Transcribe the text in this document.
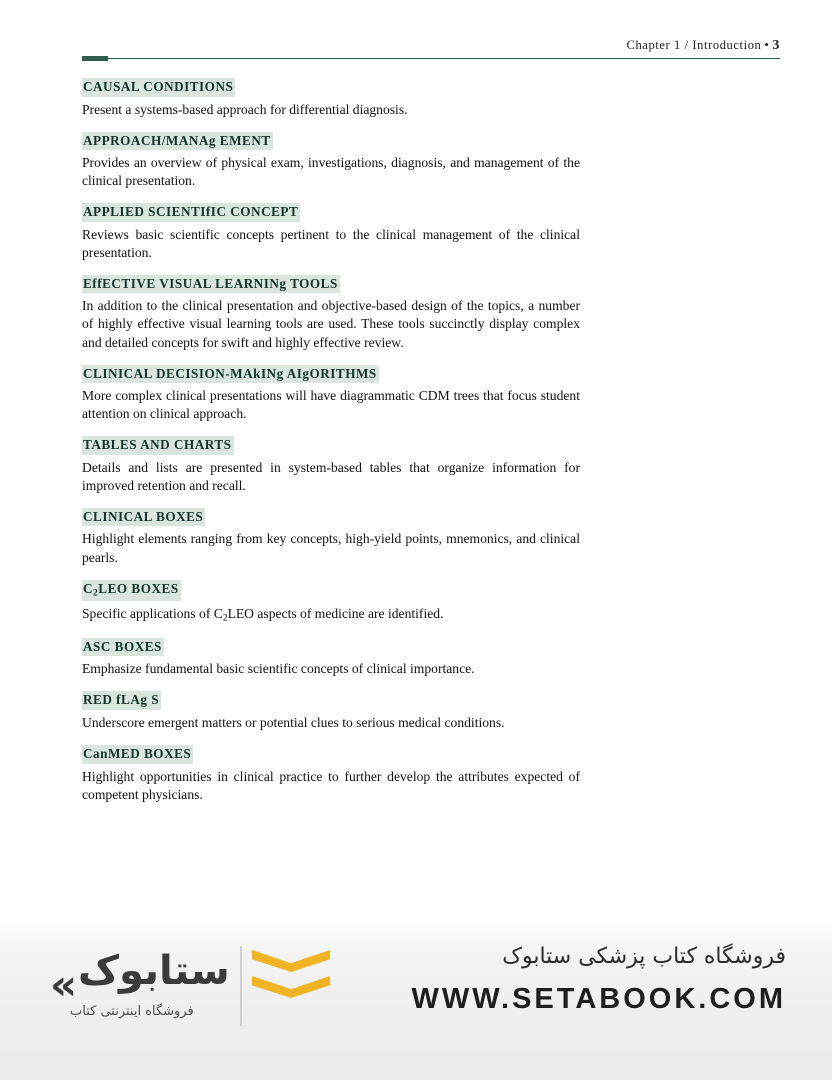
Chapter 1 / Introduction • 3
CAUSAL CONDITIONS

Present a systems-based approach for differential diagnosis.

APPROACH/MANAg EMENT

Provides an overview of physical exam, investigations, diagnosis, and management of the clinical presentation.

APPLIED SCIENTIfIC CONCEPT

Reviews basic scientific concepts pertinent to the clinical management of the clinical presentation.

EffECTIVE VISUAL LEARNINg TOOLS

In addition to the clinical presentation and objective-based design of the topics, a number of highly effective visual learning tools are used. These tools succinctly display complex and detailed concepts for swift and highly effective review.

CLINICAL DECISION-MAkINg AIgORITHMS

More complex clinical presentations will have diagrammatic CDM trees that focus student attention on clinical approach.

TABLES AND CHARTS

Details and lists are presented in system-based tables that organize information for improved retention and recall.

CLINICAL BOXES

Highlight elements ranging from key concepts, high-yield points, mnemonics, and clinical pearls.

$C_2LEO$ BOXES

Specific applications of $C_2LEO$ aspects of medicine are identified.

ASC BOXES

Emphasize fundamental basic scientific concepts of clinical importance.

RED fLAg S

Underscore emergent matters or potential clues to serious medical conditions.

CanMED BOXES

Highlight opportunities in clinical practice to further develop the attributes expected of competent physicians.

« ستابوک
فروشگاه اینترنتی کتاب
فروشگاه کتاب پزشکی ستابوک
WWW.SETABOOK.COM
